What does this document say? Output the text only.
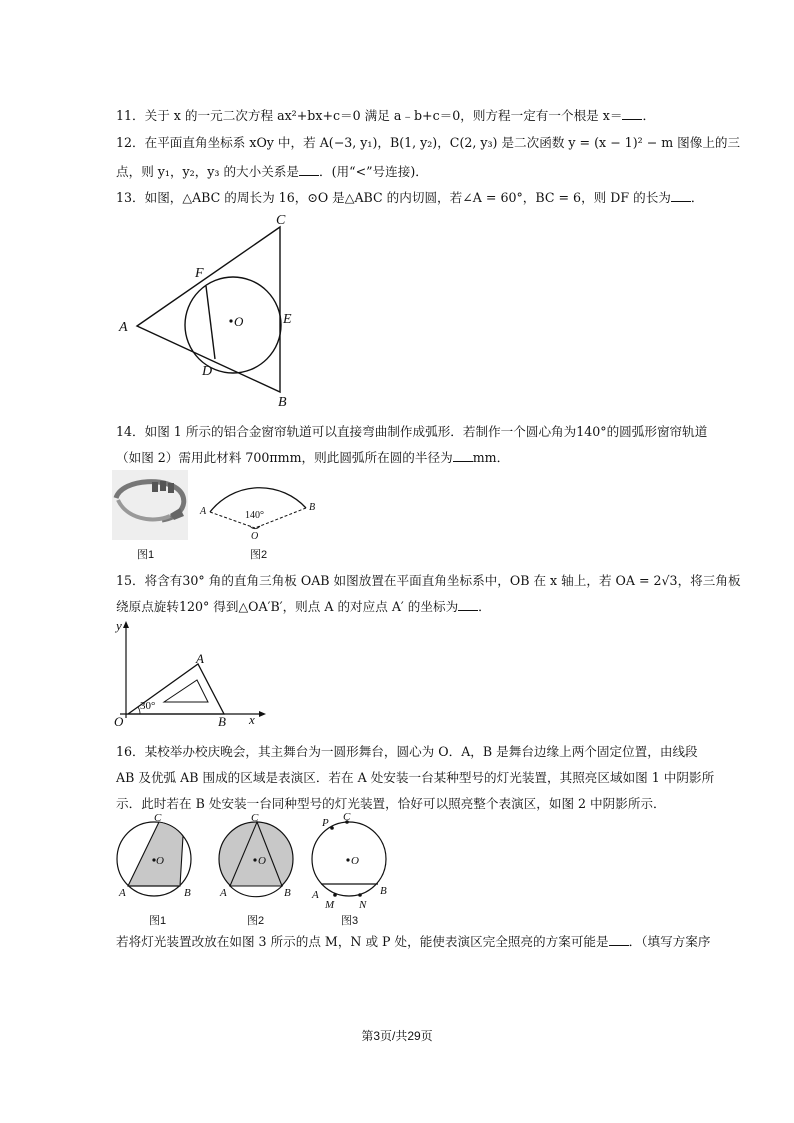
11．关于 x 的一元二次方程 ax²+bx+c＝0 满足 a﹣b+c＝0，则方程一定有一个根是 x＝ ．
12．在平面直角坐标系 xOy 中，若 A(−3, y₁)，B(1, y₂)，C(2, y₃) 是二次函数 y = (x − 1)² − m 图像上的三
点，则 y₁，y₂，y₃ 的大小关系是 ．(用“<”号连接)．
13．如图，△ABC 的周长为 16，⊙O 是△ABC 的内切圆，若∠A = 60°，BC = 6，则 DF 的长为 ．
A
B
C
D
E
F
O
14．如图 1 所示的铝合金窗帘轨道可以直接弯曲制作成弧形．若制作一个圆心角为140°的圆弧形窗帘轨道
（如图 2）需用此材料 700πmm，则此圆弧所在圆的半径为 mm．
图1
140°
A	B
O
图2
15．将含有30° 角的直角三角板 OAB 如图放置在平面直角坐标系中，OB 在 x 轴上，若 OA = 2√3，将三角板
绕原点旋转120° 得到△OA′B′，则点 A 的对应点 A′ 的坐标为 ．
30°
y
x
O
A
B
16．某校举办校庆晚会，其主舞台为一圆形舞台，圆心为 O．A，B 是舞台边缘上两个固定位置，由线段
AB 及优弧 AB 围成的区域是表演区．若在 A 处安装一台某种型号的灯光装置，其照亮区域如图 1 中阴影所
示．此时若在 B 处安装一台同种型号的灯光装置，恰好可以照亮整个表演区，如图 2 中阴影所示．
O
C
A	B
O
C
A	B
O
C
P
A	B
M N
图1	图2	图3
若将灯光装置改放在如图 3 所示的点 M，N 或 P 处，能使表演区完全照亮的方案可能是 ．（填写方案序
第3页/共29页
